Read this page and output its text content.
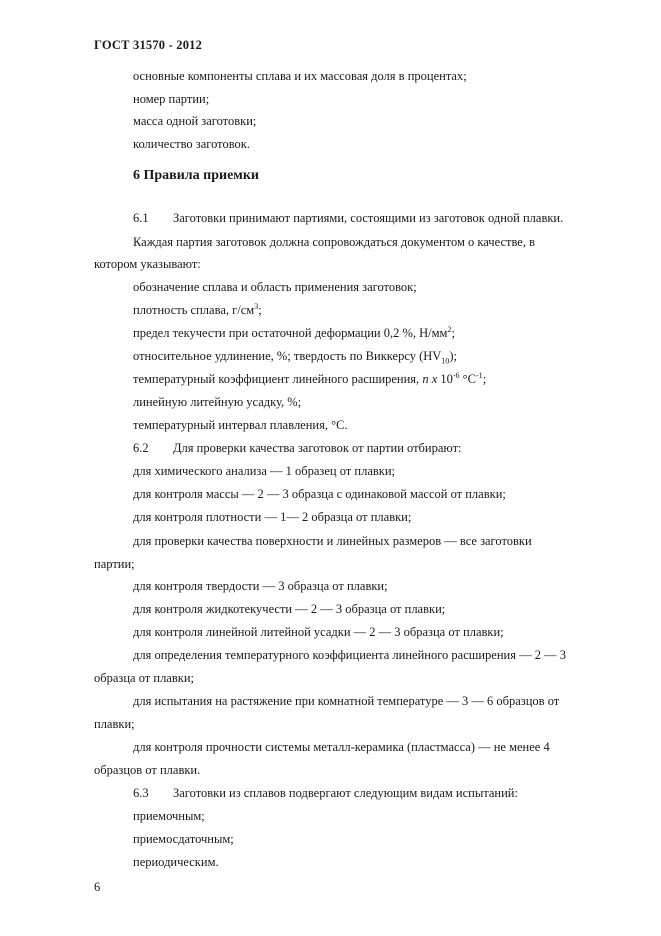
ГОСТ 31570 - 2012
основные компоненты сплава и их массовая доля в процентах;
номер партии;
масса одной заготовки;
количество заготовок.
6 Правила приемки
6.1 Заготовки принимают партиями, состоящими из заготовок одной плавки.
Каждая партия заготовок должна сопровождаться документом о качестве, в
котором указывают:
обозначение сплава и область применения заготовок;
плотность сплава, $г/см^3$;
предел текучести при остаточной деформации 0,2 %, $Н/мм^2$;
относительное удлинение, %; твердость по Виккерсу $(HV_{10})$;
температурный коэффициент линейного расширения, n x $10^{-6}$ $^\circ С^{-1}$;
линейную литейную усадку, %;
температурный интервал плавления, °С.
6.2 Для проверки качества заготовок от партии отбирают:
для химического анализа — 1 образец от плавки;
для контроля массы — 2 — 3 образца с одинаковой массой от плавки;
для контроля плотности — 1— 2 образца от плавки;
для проверки качества поверхности и линейных размеров — все заготовки
партии;
для контроля твердости — 3 образца от плавки;
для контроля жидкотекучести — 2 — 3 образца от плавки;
для контроля линейной литейной усадки — 2 — 3 образца от плавки;
для определения температурного коэффициента линейного расширения — 2 — 3
образца от плавки;
для испытания на растяжение при комнатной температуре — 3 — 6 образцов от
плавки;
для контроля прочности системы металл-керамика (пластмасса) — не менее 4
образцов от плавки.
6.3 Заготовки из сплавов подвергают следующим видам испытаний:
приемочным;
приемосдаточным;
периодическим.
6
